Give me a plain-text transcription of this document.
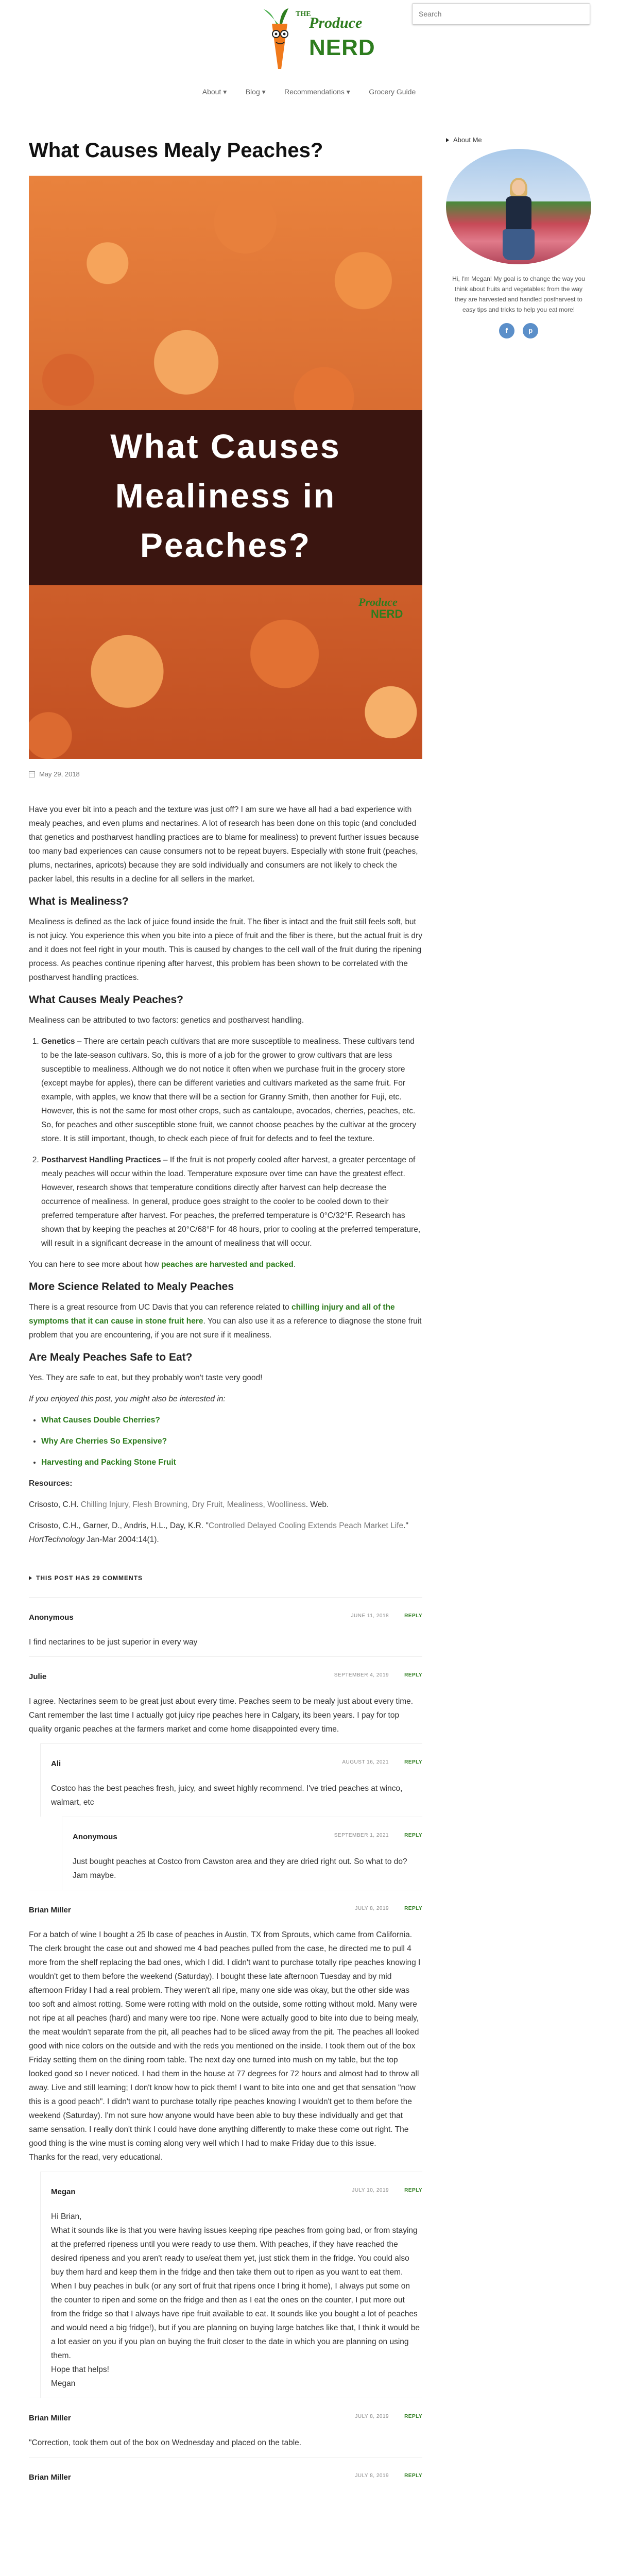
THE
Produce
NERD
Search
About ▾	Blog ▾	Recommendations ▾	Grocery Guide
What Causes Mealy Peaches?
What Causes
Mealiness in
Peaches?
Produce
NERD
May 29, 2018

Have you ever bit into a peach and the texture was just off? I am sure we have all had a bad experience with mealy peaches, and even plums and nectarines. A lot of research has been done on this topic (and concluded that genetics and postharvest handling practices are to blame for mealiness) to prevent further issues because too many bad experiences can cause consumers not to be repeat buyers. Especially with stone fruit (peaches, plums, nectarines, apricots) because they are sold individually and consumers are not likely to check the packer label, this results in a decline for all sellers in the market.

What is Mealiness?

Mealiness is defined as the lack of juice found inside the fruit. The fiber is intact and the fruit still feels soft, but is not juicy. You experience this when you bite into a piece of fruit and the fiber is there, but the actual fruit is dry and it does not feel right in your mouth. This is caused by changes to the cell wall of the fruit during the ripening process. As peaches continue ripening after harvest, this problem has been shown to be correlated with the postharvest handling practices.

What Causes Mealy Peaches?

Mealiness can be attributed to two factors: genetics and postharvest handling.

1. Genetics – There are certain peach cultivars that are more susceptible to mealiness. These cultivars tend to be the late-season cultivars. So, this is more of a job for the grower to grow cultivars that are less susceptible to mealiness. Although we do not notice it often when we purchase fruit in the grocery store (except maybe for apples), there can be different varieties and cultivars marketed as the same fruit. For example, with apples, we know that there will be a section for Granny Smith, then another for Fuji, etc. However, this is not the same for most other crops, such as cantaloupe, avocados, cherries, peaches, etc. So, for peaches and other susceptible stone fruit, we cannot choose peaches by the cultivar at the grocery store. It is still important, though, to check each piece of fruit for defects and to feel the texture.
2. Postharvest Handling Practices – If the fruit is not properly cooled after harvest, a greater percentage of mealy peaches will occur within the load. Temperature exposure over time can have the greatest effect. However, research shows that temperature conditions directly after harvest can help decrease the occurrence of mealiness. In general, produce goes straight to the cooler to be cooled down to their preferred temperature after harvest. For peaches, the preferred temperature is 0°C/32°F. Research has shown that by keeping the peaches at 20°C/68°F for 48 hours, prior to cooling at the preferred temperature, will result in a significant decrease in the amount of mealiness that will occur.

You can here to see more about how peaches are harvested and packed.

More Science Related to Mealy Peaches

There is a great resource from UC Davis that you can reference related to chilling injury and all of the symptoms that it can cause in stone fruit here. You can also use it as a reference to diagnose the stone fruit problem that you are encountering, if you are not sure if it mealiness.

Are Mealy Peaches Safe to Eat?

Yes. They are safe to eat, but they probably won't taste very good!

If you enjoyed this post, you might also be interested in:

• What Causes Double Cherries?
• Why Are Cherries So Expensive?
• Harvesting and Packing Stone Fruit

Resources:

Crisosto, C.H. Chilling Injury, Flesh Browning, Dry Fruit, Mealiness, Woolliness. Web.

Crisosto, C.H., Garner, D., Andris, H.L., Day, K.R. "Controlled Delayed Cooling Extends Peach Market Life." HortTechnology Jan-Mar 2004:14(1).

THIS POST HAS 29 COMMENTS
Anonymous	JUNE 11, 2018	REPLY
I find nectarines to be just superior in every way
Julie	SEPTEMBER 4, 2019	REPLY
I agree. Nectarines seem to be great just about every time. Peaches seem to be mealy just about every time. Cant remember the last time I actually got juicy ripe peaches here in Calgary, its been years. I pay for top quality organic peaches at the farmers market and come home disappointed every time.
Ali	AUGUST 16, 2021	REPLY
Costco has the best peaches fresh, juicy, and sweet highly recommend. I've tried peaches at winco, walmart, etc
Anonymous	SEPTEMBER 1, 2021	REPLY
Just bought peaches at Costco from Cawston area and they are dried right out. So what to do? Jam maybe.
Brian Miller	JULY 8, 2019	REPLY
For a batch of wine I bought a 25 lb case of peaches in Austin, TX from Sprouts, which came from California. The clerk brought the case out and showed me 4 bad peaches pulled from the case, he directed me to pull 4 more from the shelf replacing the bad ones, which I did. I didn't want to purchase totally ripe peaches knowing I wouldn't get to them before the weekend (Saturday). I bought these late afternoon Tuesday and by mid afternoon Friday I had a real problem. They weren't all ripe, many one side was okay, but the other side was too soft and almost rotting. Some were rotting with mold on the outside, some rotting without mold. Many were not ripe at all peaches (hard) and many were too ripe. None were actually good to bite into due to being mealy, the meat wouldn't separate from the pit, all peaches had to be sliced away from the pit. The peaches all looked good with nice colors on the outside and with the reds you mentioned on the inside. I took them out of the box Friday setting them on the dining room table. The next day one turned into mush on my table, but the top looked good so I never noticed. I had them in the house at 77 degrees for 72 hours and almost had to throw all away. Live and still learning; I don't know how to pick them! I want to bite into one and get that sensation "now this is a good peach". I didn't want to purchase totally ripe peaches knowing I wouldn't get to them before the weekend (Saturday). I'm not sure how anyone would have been able to buy these individually and get that same sensation. I really don't think I could have done anything differently to make these come out right. The good thing is the wine must is coming along very well which I had to make Friday due to this issue.
Thanks for the read, very educational.
Megan	JULY 10, 2019	REPLY
Hi Brian,
What it sounds like is that you were having issues keeping ripe peaches from going bad, or from staying at the preferred ripeness until you were ready to use them. With peaches, if they have reached the desired ripeness and you aren't ready to use/eat them yet, just stick them in the fridge. You could also buy them hard and keep them in the fridge and then take them out to ripen as you want to eat them. When I buy peaches in bulk (or any sort of fruit that ripens once I bring it home), I always put some on the counter to ripen and some on the fridge and then as I eat the ones on the counter, I put more out from the fridge so that I always have ripe fruit available to eat. It sounds like you bought a lot of peaches and would need a big fridge!), but if you are planning on buying large batches like that, I think it would be a lot easier on you if you plan on buying the fruit closer to the date in which you are planning on using them.
Hope that helps!
Megan
Brian Miller	JULY 8, 2019	REPLY
"Correction, took them out of the box on Wednesday and placed on the table.
Brian Miller	JULY 8, 2019	REPLY
About Me
Hi, I'm Megan! My goal is to change the way you think about fruits and vegetables: from the way they are harvested and handled postharvest to easy tips and tricks to help you eat more!
f	p
